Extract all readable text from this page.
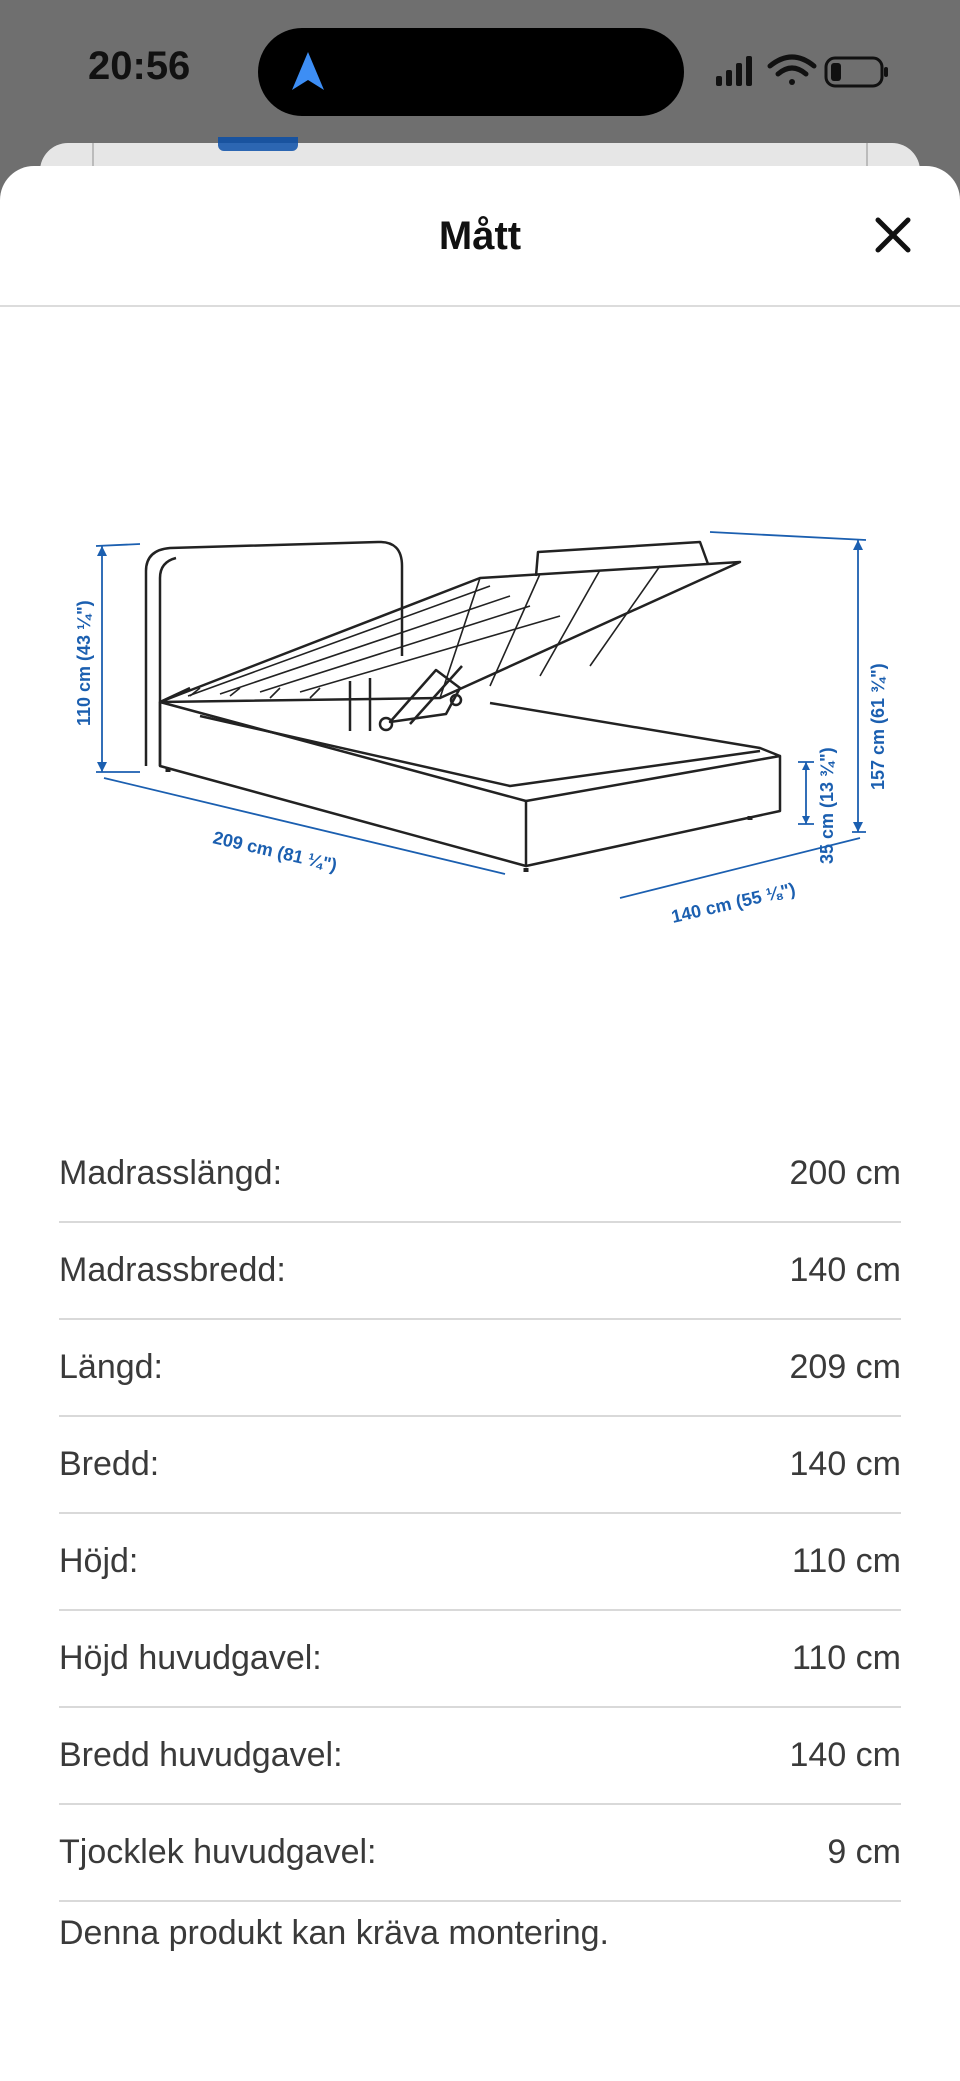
20:56
Mått
110 cm (43 ¼")
209 cm (81 ¼")
140 cm (55 ⅛")
35 cm (13 ¾")
157 cm (61 ¾")
Madrasslängd:	200 cm
Madrassbredd:	140 cm
Längd:	209 cm
Bredd:	140 cm
Höjd:	110 cm
Höjd huvudgavel:	110 cm
Bredd huvudgavel:	140 cm
Tjocklek huvudgavel:	9 cm
Denna produkt kan kräva montering.
